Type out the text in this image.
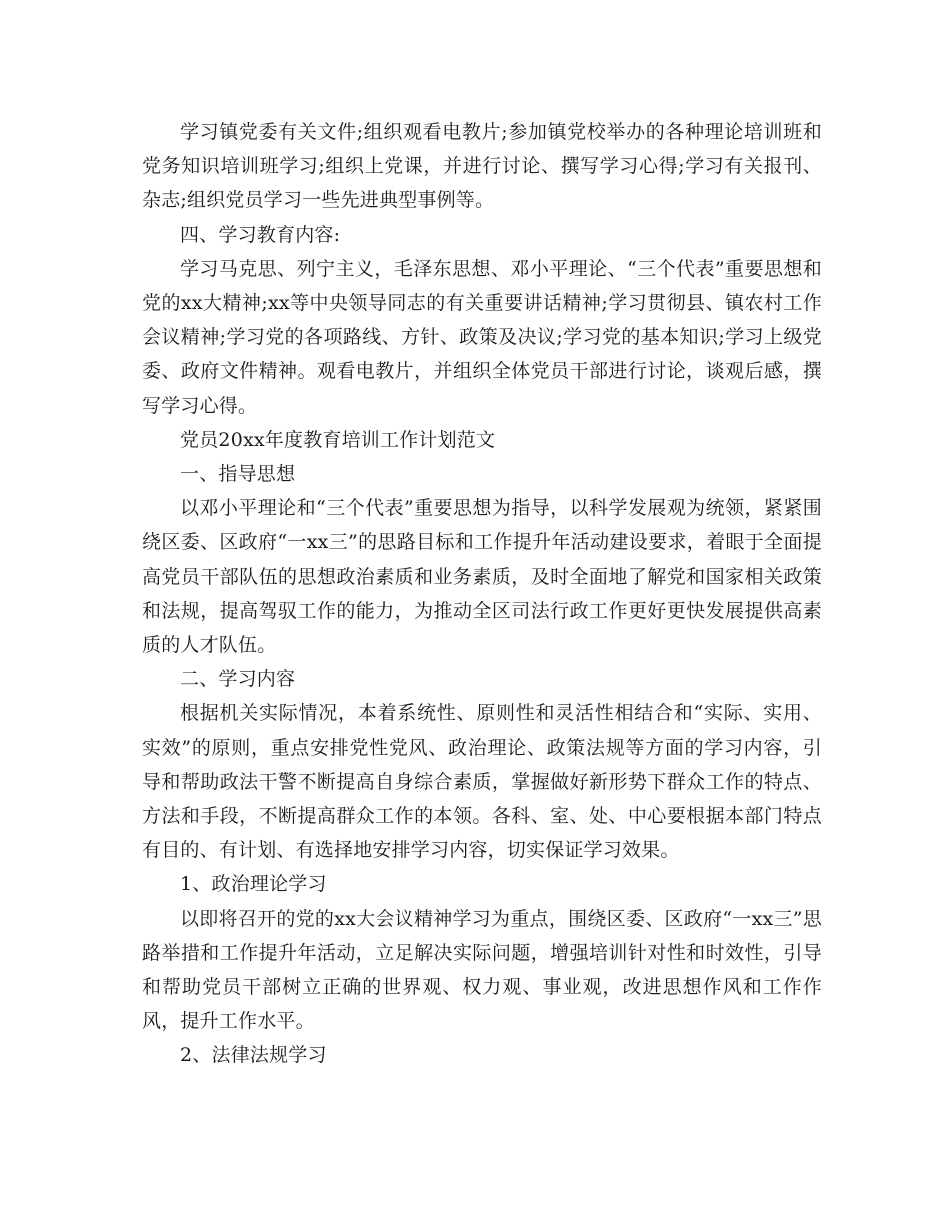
学习镇党委有关文件;组织观看电教片;参加镇党校举办的各种理论培训班和党务知识培训班学习;组织上党课，并进行讨论、撰写学习心得;学习有关报刊、杂志;组织党员学习一些先进典型事例等。

四、学习教育内容:

学习马克思、列宁主义，毛泽东思想、邓小平理论、“三个代表”重要思想和党的xx大精神;xx等中央领导同志的有关重要讲话精神;学习贯彻县、镇农村工作会议精神;学习党的各项路线、方针、政策及决议;学习党的基本知识;学习上级党委、政府文件精神。观看电教片，并组织全体党员干部进行讨论，谈观后感，撰写学习心得。

党员20xx年度教育培训工作计划范文

一、指导思想

以邓小平理论和“三个代表”重要思想为指导，以科学发展观为统领，紧紧围绕区委、区政府“一xx三”的思路目标和工作提升年活动建设要求，着眼于全面提高党员干部队伍的思想政治素质和业务素质，及时全面地了解党和国家相关政策和法规，提高驾驭工作的能力，为推动全区司法行政工作更好更快发展提供高素质的人才队伍。

二、学习内容

根据机关实际情况，本着系统性、原则性和灵活性相结合和“实际、实用、实效”的原则，重点安排党性党风、政治理论、政策法规等方面的学习内容，引导和帮助政法干警不断提高自身综合素质，掌握做好新形势下群众工作的特点、方法和手段，不断提高群众工作的本领。各科、室、处、中心要根据本部门特点有目的、有计划、有选择地安排学习内容，切实保证学习效果。

1、政治理论学习

以即将召开的党的xx大会议精神学习为重点，围绕区委、区政府“一xx三”思路举措和工作提升年活动，立足解决实际问题，增强培训针对性和时效性，引导和帮助党员干部树立正确的世界观、权力观、事业观，改进思想作风和工作作风，提升工作水平。

2、法律法规学习
